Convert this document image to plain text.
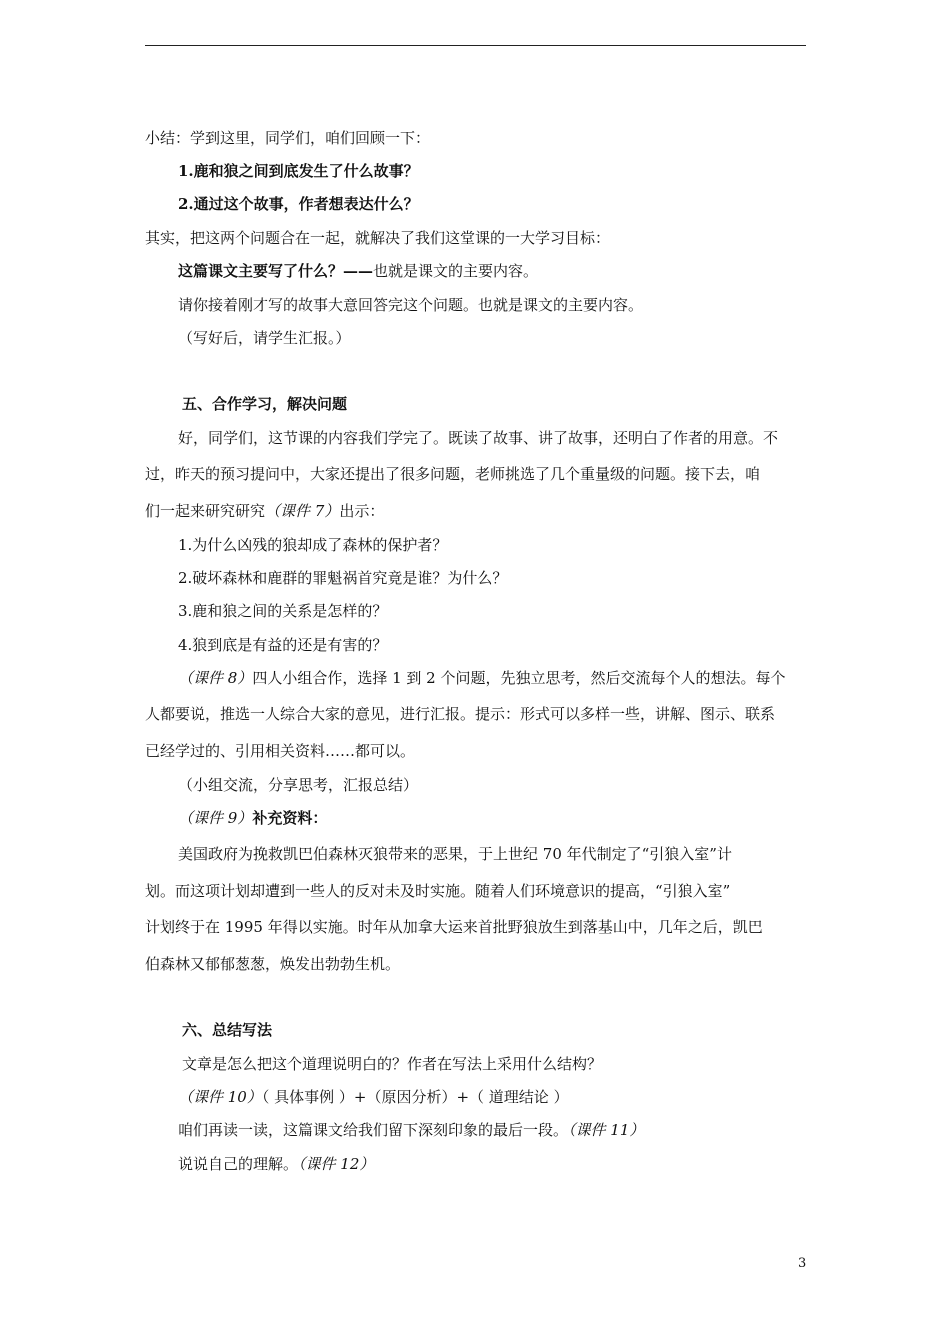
小结：学到这里，同学们，咱们回顾一下：
1.鹿和狼之间到底发生了什么故事？
2.通过这个故事，作者想表达什么？
其实，把这两个问题合在一起，就解决了我们这堂课的一大学习目标：
这篇课文主要写了什么？——也就是课文的主要内容。
请你接着刚才写的故事大意回答完这个问题。也就是课文的主要内容。
（写好后，请学生汇报。）
五、合作学习，解决问题
好，同学们，这节课的内容我们学完了。既读了故事、讲了故事，还明白了作者的用意。不
过，昨天的预习提问中，大家还提出了很多问题，老师挑选了几个重量级的问题。接下去，咱
们一起来研究研究（课件 7）出示：
1.为什么凶残的狼却成了森林的保护者？
2.破坏森林和鹿群的罪魁祸首究竟是谁？为什么？
3.鹿和狼之间的关系是怎样的？
4.狼到底是有益的还是有害的？
（课件 8）四人小组合作，选择 1 到 2 个问题，先独立思考，然后交流每个人的想法。每个
人都要说，推选一人综合大家的意见，进行汇报。提示：形式可以多样一些，讲解、图示、联系
已经学过的、引用相关资料……都可以。
（小组交流，分享思考，汇报总结）
（课件 9）补充资料：
美国政府为挽救凯巴伯森林灭狼带来的恶果，于上世纪 70 年代制定了“引狼入室”计
划。而这项计划却遭到一些人的反对未及时实施。随着人们环境意识的提高，“引狼入室”
计划终于在 1995 年得以实施。时年从加拿大运来首批野狼放生到落基山中，几年之后，凯巴
伯森林又郁郁葱葱，焕发出勃勃生机。
六、总结写法
文章是怎么把这个道理说明白的？作者在写法上采用什么结构？
（课件 10）（ 具体事例 ）+（原因分析）+（ 道理结论 ）
咱们再读一读，这篇课文给我们留下深刻印象的最后一段。（课件 11）
说说自己的理解。（课件 12）
3
